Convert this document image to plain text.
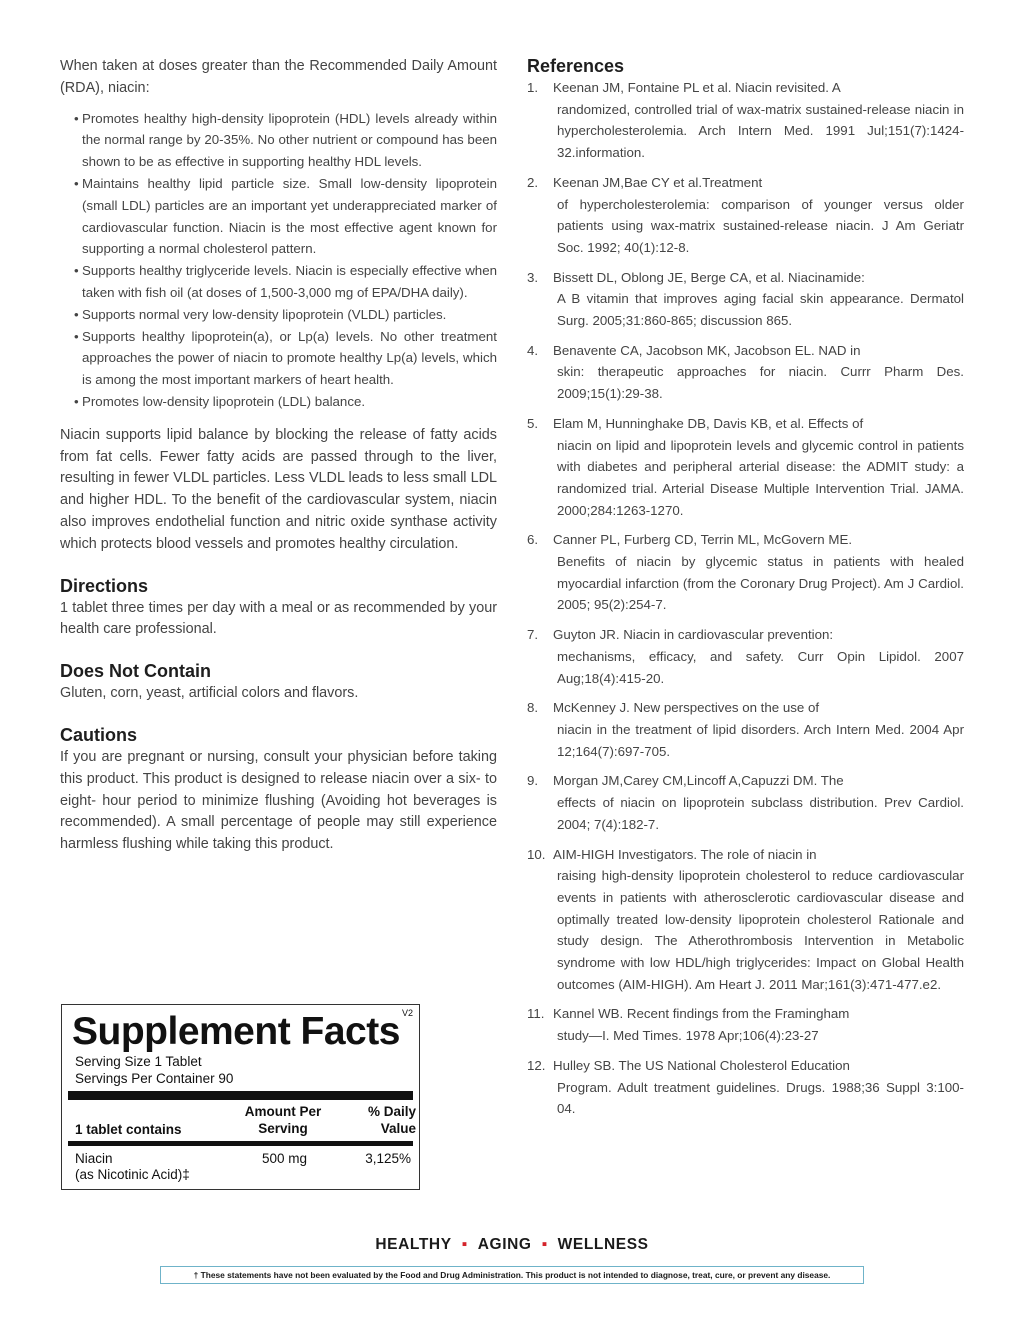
When taken at doses greater than the Recommended Daily Amount (RDA), niacin:

• Promotes healthy high-density lipoprotein (HDL) levels already within the normal range by 20-35%. No other nutrient or compound has been shown to be as effective in supporting healthy HDL levels.
• Maintains healthy lipid particle size. Small low-density lipoprotein (small LDL) particles are an important yet underappreciated marker of cardiovascular function. Niacin is the most effective agent known for supporting a normal cholesterol pattern.
• Supports healthy triglyceride levels. Niacin is especially effective when taken with fish oil (at doses of 1,500-3,000 mg of EPA/DHA daily).
• Supports normal very low-density lipoprotein (VLDL) particles.
• Supports healthy lipoprotein(a), or Lp(a) levels. No other treatment approaches the power of niacin to promote healthy Lp(a) levels, which is among the most important markers of heart health.
• Promotes low-density lipoprotein (LDL) balance.

Niacin supports lipid balance by blocking the release of fatty acids from fat cells. Fewer fatty acids are passed through to the liver, resulting in fewer VLDL particles. Less VLDL leads to less small LDL and higher HDL. To the benefit of the cardiovascular system, niacin also improves endothelial function and nitric oxide synthase activity which protects blood vessels and promotes healthy circulation.

Directions

1 tablet three times per day with a meal or as recommended by your health care professional.

Does Not Contain

Gluten, corn, yeast, artificial colors and flavors.

Cautions

If you are pregnant or nursing, consult your physician before taking this product. This product is designed to release niacin over a six- to eight- hour period to minimize flushing (Avoiding hot beverages is recommended). A small percentage of people may still experience harmless flushing while taking this product.

Supplement Facts V2
Serving Size 1 Tablet
Servings Per Container 90
1 tablet contains
Amount Per Serving
% Daily Value
Niacin
(as Nicotinic Acid)‡
500 mg	3,125%
References
1. Keenan JM, Fontaine PL et al. Niacin revisited. A
randomized, controlled trial of wax-matrix sustained-release niacin in hypercholesterolemia. Arch Intern Med. 1991 Jul;151(7):1424-32.information.
2. Keenan JM,Bae CY et al.Treatment
of hypercholesterolemia: comparison of younger versus older patients using wax-matrix sustained-release niacin. J Am Geriatr Soc. 1992; 40(1):12-8.
3. Bissett DL, Oblong JE, Berge CA, et al. Niacinamide:
A B vitamin that improves aging facial skin appearance. Dermatol Surg. 2005;31:860-865; discussion 865.
4. Benavente CA, Jacobson MK, Jacobson EL. NAD in
skin: therapeutic approaches for niacin. Currr Pharm Des. 2009;15(1):29-38.
5. Elam M, Hunninghake DB, Davis KB, et al. Effects of
niacin on lipid and lipoprotein levels and glycemic control in patients with diabetes and peripheral arterial disease: the ADMIT study: a randomized trial. Arterial Disease Multiple Intervention Trial. JAMA. 2000;284:1263-1270.
6. Canner PL, Furberg CD, Terrin ML, McGovern ME.
Benefits of niacin by glycemic status in patients with healed myocardial infarction (from the Coronary Drug Project). Am J Cardiol. 2005; 95(2):254-7.
7. Guyton JR. Niacin in cardiovascular prevention:
mechanisms, efficacy, and safety. Curr Opin Lipidol. 2007 Aug;18(4):415-20.
8. McKenney J. New perspectives on the use of
niacin in the treatment of lipid disorders. Arch Intern Med. 2004 Apr 12;164(7):697-705.
9. Morgan JM,Carey CM,Lincoff A,Capuzzi DM. The
effects of niacin on lipoprotein subclass distribution. Prev Cardiol. 2004; 7(4):182-7.
10. AIM-HIGH Investigators. The role of niacin in
raising high-density lipoprotein cholesterol to reduce cardiovascular events in patients with atherosclerotic cardiovascular disease and optimally treated low-density lipoprotein cholesterol Rationale and study design. The Atherothrombosis Intervention in Metabolic syndrome with low HDL/high triglycerides: Impact on Global Health outcomes (AIM-HIGH). Am Heart J. 2011 Mar;161(3):471-477.e2.
11. Kannel WB. Recent findings from the Framingham
study—I. Med Times. 1978 Apr;106(4):23-27
12. Hulley SB. The US National Cholesterol Education
Program. Adult treatment guidelines. Drugs. 1988;36 Suppl 3:100-04.
HEALTHY ▪ AGING ▪ WELLNESS
† These statements have not been evaluated by the Food and Drug Administration. This product is not intended to diagnose, treat, cure, or prevent any disease.
